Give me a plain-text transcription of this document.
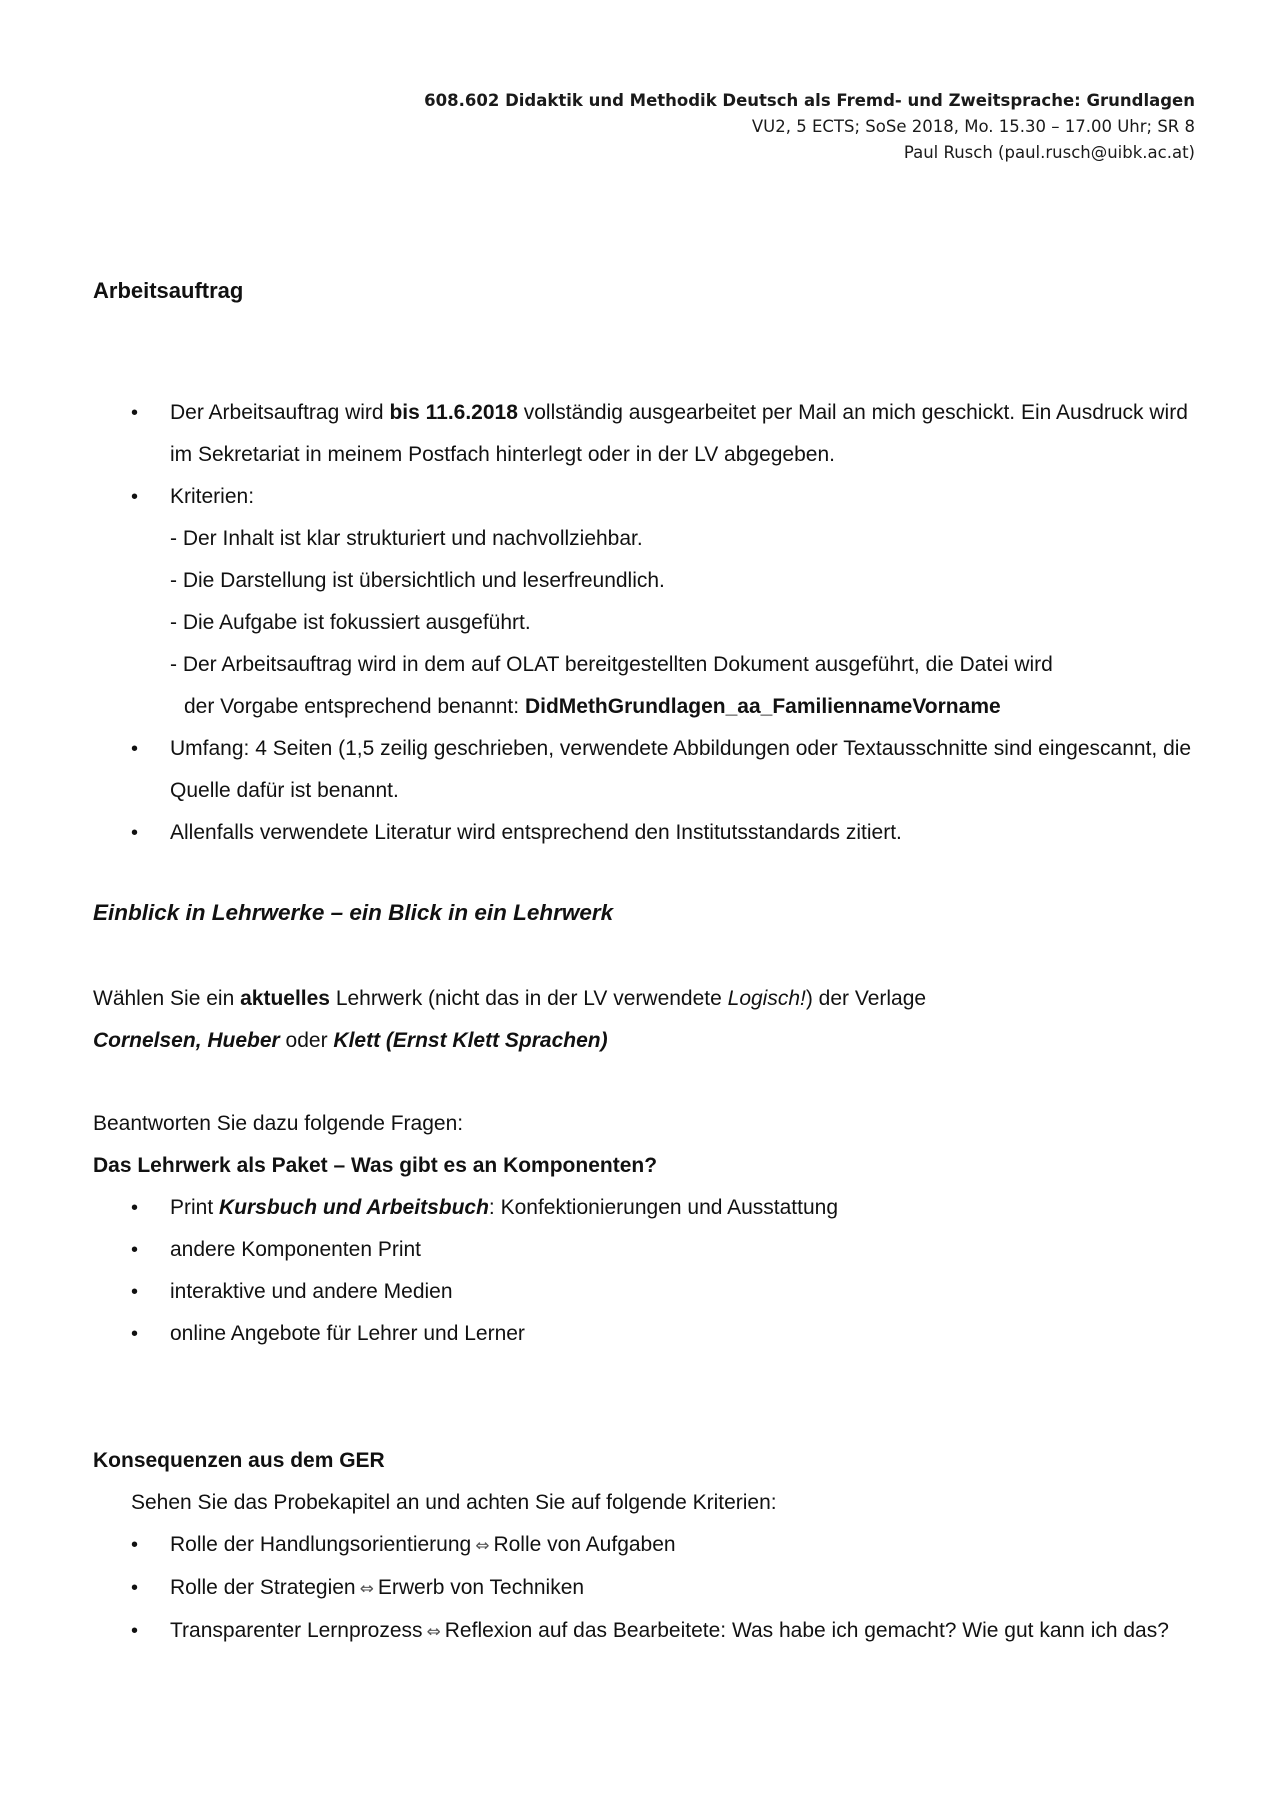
608.602 Didaktik und Methodik Deutsch als Fremd- und Zweitsprache: Grundlagen
VU2, 5 ECTS; SoSe 2018, Mo. 15.30 – 17.00 Uhr; SR 8
Paul Rusch (paul.rusch@uibk.ac.at)
Arbeitsauftrag
• Der Arbeitsauftrag wird bis 11.6.2018 vollständig ausgearbeitet per Mail an mich geschickt. Ein Ausdruck wird im Sekretariat in meinem Postfach hinterlegt oder in der LV abgegeben.
• Kriterien:
- Der Inhalt ist klar strukturiert und nachvollziehbar.
- Die Darstellung ist übersichtlich und leserfreundlich.
- Die Aufgabe ist fokussiert ausgeführt.
- Der Arbeitsauftrag wird in dem auf OLAT bereitgestellten Dokument ausgeführt, die Datei wird
der Vorgabe entsprechend benannt: DidMethGrundlagen_aa_FamiliennameVorname
• Umfang: 4 Seiten (1,5 zeilig geschrieben, verwendete Abbildungen oder Textausschnitte sind eingescannt, die Quelle dafür ist benannt.
• Allenfalls verwendete Literatur wird entsprechend den Institutsstandards zitiert.
Einblick in Lehrwerke – ein Blick in ein Lehrwerk
Wählen Sie ein aktuelles Lehrwerk (nicht das in der LV verwendete Logisch!) der Verlage
Cornelsen, Hueber oder Klett (Ernst Klett Sprachen)
Beantworten Sie dazu folgende Fragen:
Das Lehrwerk als Paket – Was gibt es an Komponenten?
• Print Kursbuch und Arbeitsbuch: Konfektionierungen und Ausstattung
• andere Komponenten Print
• interaktive und andere Medien
• online Angebote für Lehrer und Lerner
Konsequenzen aus dem GER
Sehen Sie das Probekapitel an und achten Sie auf folgende Kriterien:
• Rolle der Handlungsorientierung ⇔ Rolle von Aufgaben
• Rolle der Strategien ⇔ Erwerb von Techniken
• Transparenter Lernprozess ⇔ Reflexion auf das Bearbeitete: Was habe ich gemacht? Wie gut kann ich das?
